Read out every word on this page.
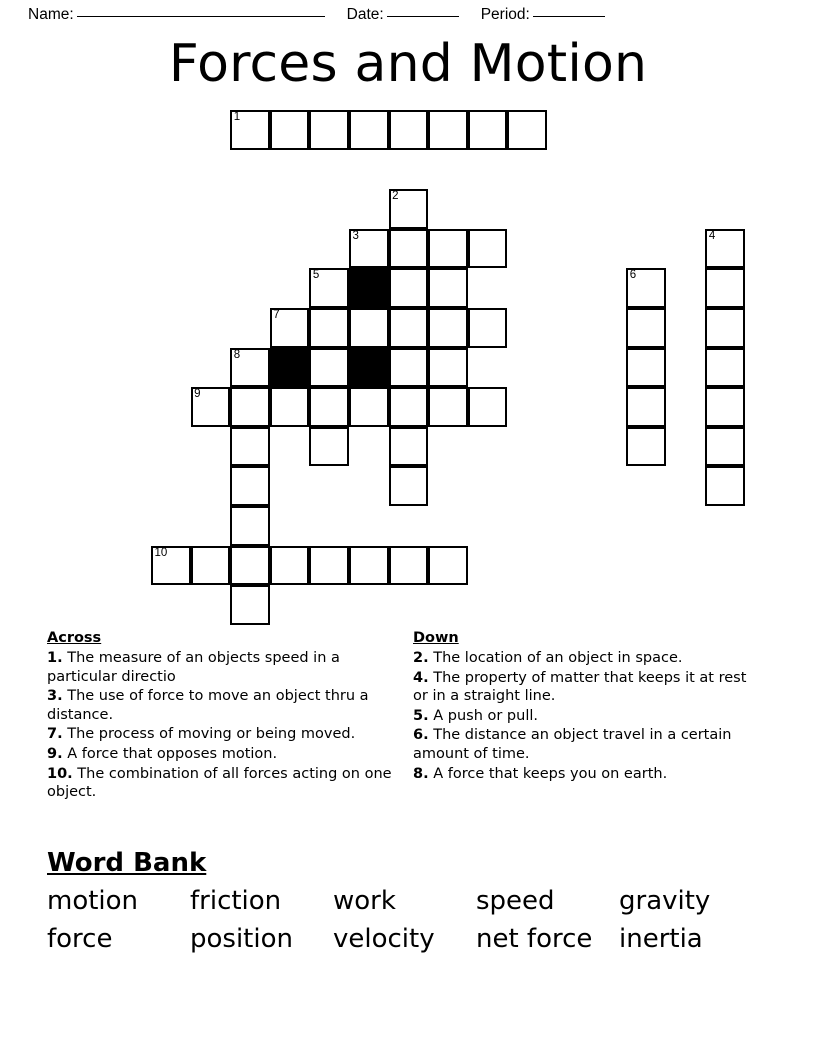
Name:	Date:	Period:
Forces and Motion
1
2
3
5	6
4
7
8
9
10
Across

1. The measure of an objects speed in a particular directio

3. The use of force to move an object thru a distance.

7. The process of moving or being moved.

9. A force that opposes motion.

10. The combination of all forces acting on one object.

Down

2. The location of an object in space.

4. The property of matter that keeps it at rest or in a straight line.

5. A push or pull.

6. The distance an object travel in a certain amount of time.

8. A force that keeps you on earth.

Word Bank
motion	friction	work	speed	gravity
force	position	velocity	net force	inertia
